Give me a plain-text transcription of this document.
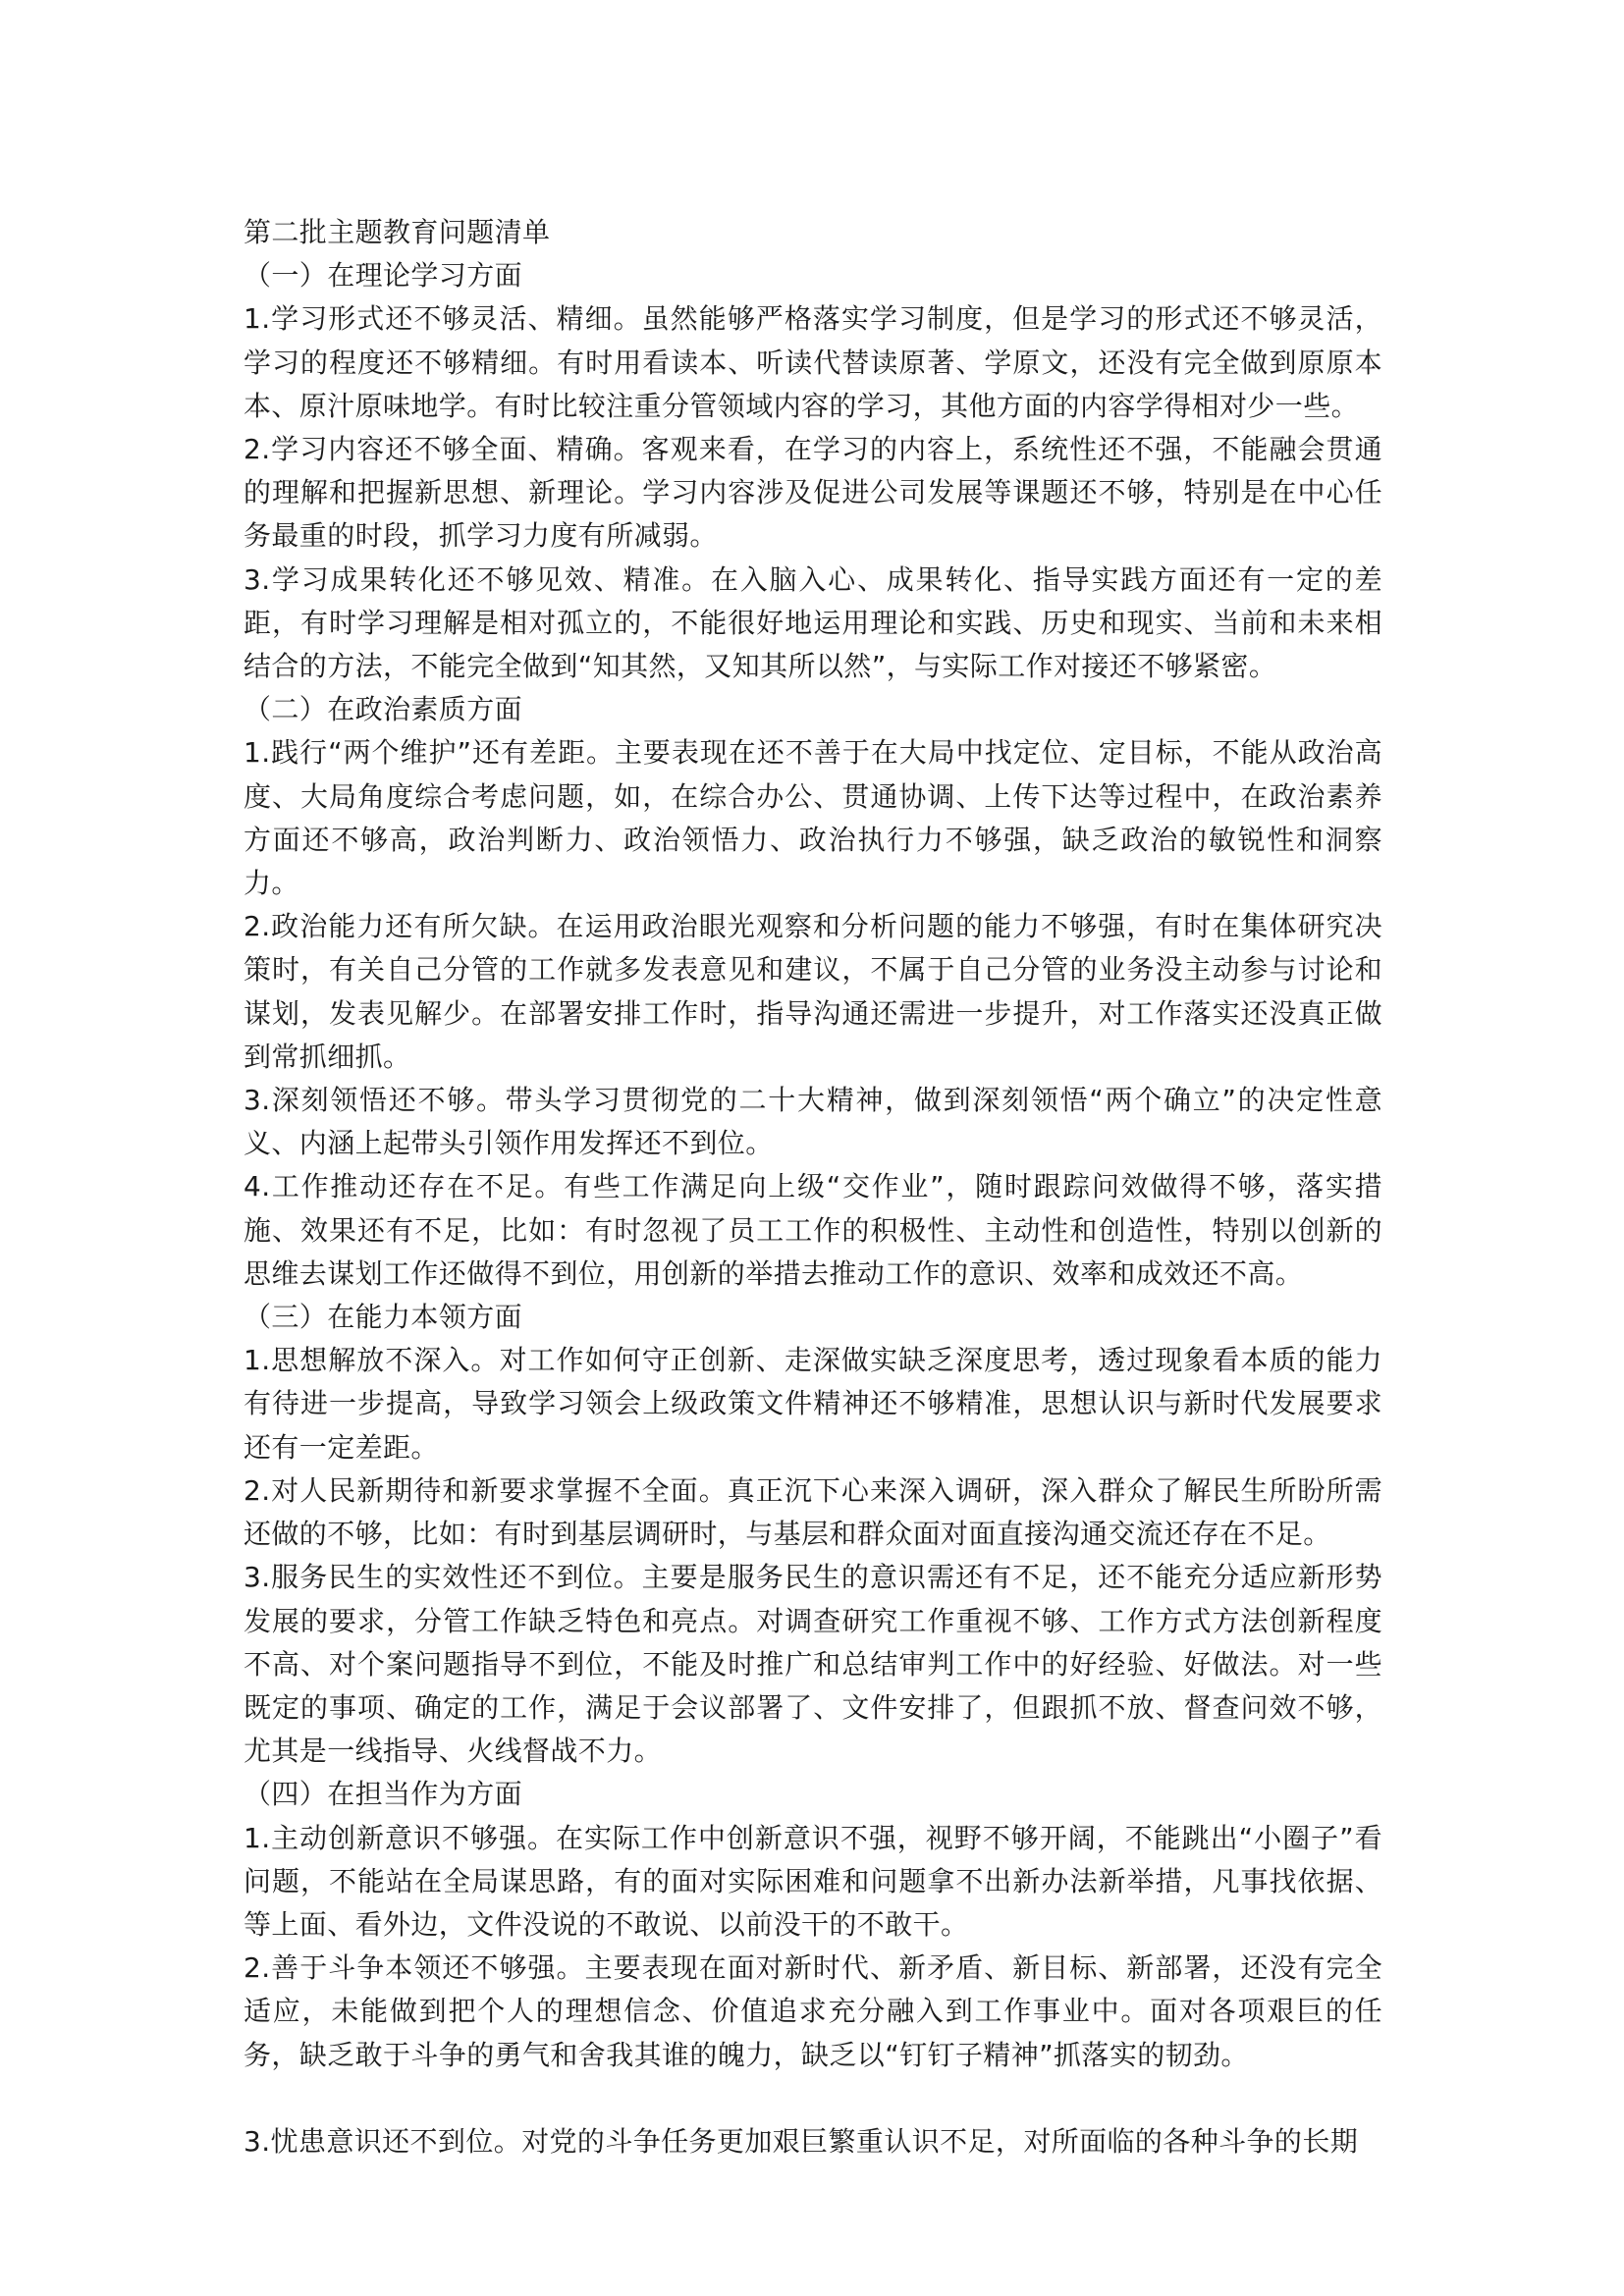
第二批主题教育问题清单

（一）在理论学习方面

1.学习形式还不够灵活、精细。虽然能够严格落实学习制度，但是学习的形式还不够灵活，学习的程度还不够精细。有时用看读本、听读代替读原著、学原文，还没有完全做到原原本本、原汁原味地学。有时比较注重分管领域内容的学习，其他方面的内容学得相对少一些。

2.学习内容还不够全面、精确。客观来看，在学习的内容上，系统性还不强，不能融会贯通的理解和把握新思想、新理论。学习内容涉及促进公司发展等课题还不够，特别是在中心任务最重的时段，抓学习力度有所减弱。

3.学习成果转化还不够见效、精准。在入脑入心、成果转化、指导实践方面还有一定的差距，有时学习理解是相对孤立的，不能很好地运用理论和实践、历史和现实、当前和未来相结合的方法，不能完全做到“知其然，又知其所以然”，与实际工作对接还不够紧密。

（二）在政治素质方面

1.践行“两个维护”还有差距。主要表现在还不善于在大局中找定位、定目标，不能从政治高度、大局角度综合考虑问题，如，在综合办公、贯通协调、上传下达等过程中，在政治素养方面还不够高，政治判断力、政治领悟力、政治执行力不够强，缺乏政治的敏锐性和洞察力。

2.政治能力还有所欠缺。在运用政治眼光观察和分析问题的能力不够强，有时在集体研究决策时，有关自己分管的工作就多发表意见和建议，不属于自己分管的业务没主动参与讨论和谋划，发表见解少。在部署安排工作时，指导沟通还需进一步提升，对工作落实还没真正做到常抓细抓。

3.深刻领悟还不够。带头学习贯彻党的二十大精神，做到深刻领悟“两个确立”的决定性意义、内涵上起带头引领作用发挥还不到位。

4.工作推动还存在不足。有些工作满足向上级“交作业”，随时跟踪问效做得不够，落实措施、效果还有不足，比如：有时忽视了员工工作的积极性、主动性和创造性，特别以创新的思维去谋划工作还做得不到位，用创新的举措去推动工作的意识、效率和成效还不高。

（三）在能力本领方面

1.思想解放不深入。对工作如何守正创新、走深做实缺乏深度思考，透过现象看本质的能力有待进一步提高，导致学习领会上级政策文件精神还不够精准，思想认识与新时代发展要求还有一定差距。

2.对人民新期待和新要求掌握不全面。真正沉下心来深入调研，深入群众了解民生所盼所需还做的不够，比如：有时到基层调研时，与基层和群众面对面直接沟通交流还存在不足。

3.服务民生的实效性还不到位。主要是服务民生的意识需还有不足，还不能充分适应新形势发展的要求，分管工作缺乏特色和亮点。对调查研究工作重视不够、工作方式方法创新程度不高、对个案问题指导不到位，不能及时推广和总结审判工作中的好经验、好做法。对一些既定的事项、确定的工作，满足于会议部署了、文件安排了，但跟抓不放、督查问效不够，尤其是一线指导、火线督战不力。

（四）在担当作为方面

1.主动创新意识不够强。在实际工作中创新意识不强，视野不够开阔，不能跳出“小圈子”看问题，不能站在全局谋思路，有的面对实际困难和问题拿不出新办法新举措，凡事找依据、等上面、看外边，文件没说的不敢说、以前没干的不敢干。

2.善于斗争本领还不够强。主要表现在面对新时代、新矛盾、新目标、新部署，还没有完全适应，未能做到把个人的理想信念、价值追求充分融入到工作事业中。面对各项艰巨的任务，缺乏敢于斗争的勇气和舍我其谁的魄力，缺乏以“钉钉子精神”抓落实的韧劲。

3.忧患意识还不到位。对党的斗争任务更加艰巨繁重认识不足，对所面临的各种斗争的长期
